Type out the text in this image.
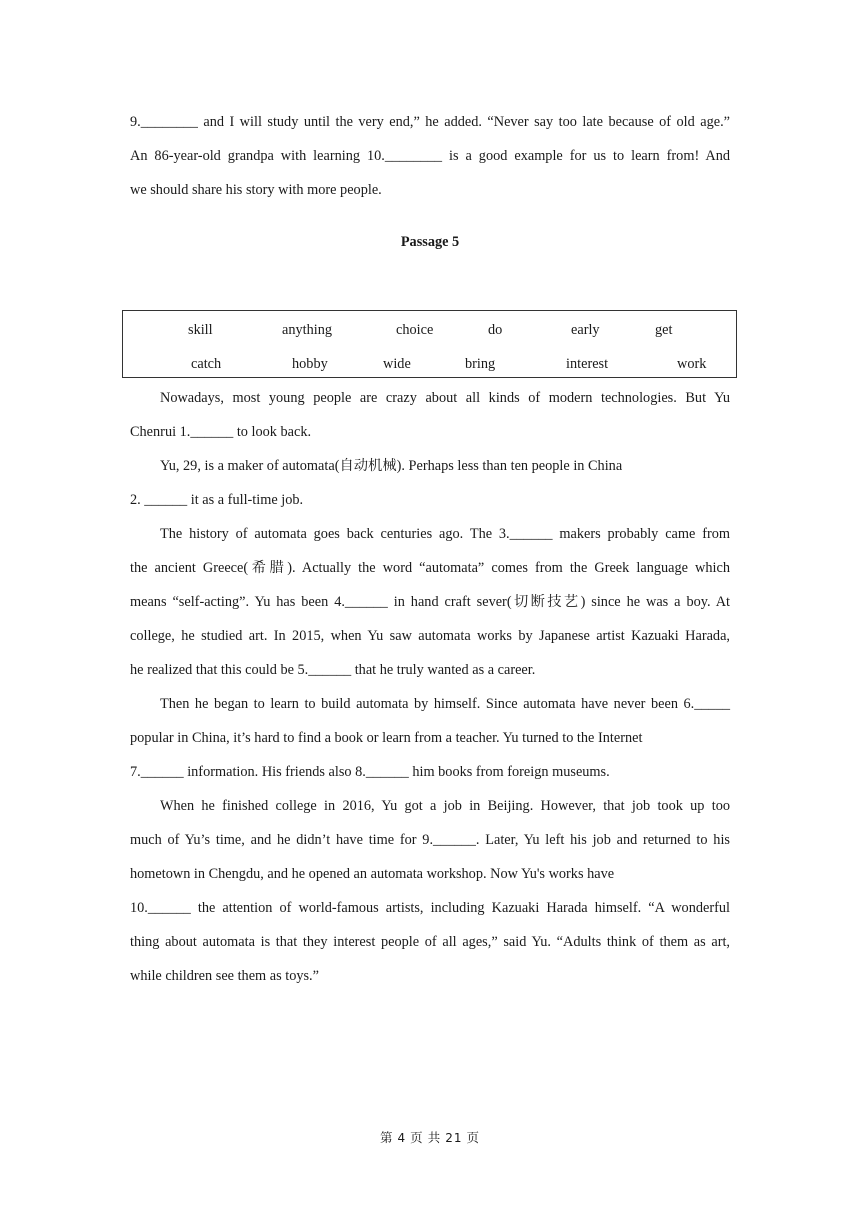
9.________ and I will study until the very end,” he added. “Never say too late because of old age.”
An 86-year-old grandpa with learning 10.________ is a good example for us to learn from! And
we should share his story with more people.
Passage 5
skill	anything	choice	do	early	get
catch	hobby	wide	bring	interest	work
Nowadays, most young people are crazy about all kinds of modern technologies. But Yu
Chenrui 1.______ to look back.
Yu, 29, is a maker of automata(自动机械). Perhaps less than ten people in China
2. ______ it as a full-time job.
The history of automata goes back centuries ago. The 3.______ makers probably came from
the ancient Greece(希腊). Actually the word “automata” comes from the Greek language which
means “self-acting”. Yu has been 4.______ in hand craft sever(切断技艺) since he was a boy. At
college, he studied art. In 2015, when Yu saw automata works by Japanese artist Kazuaki Harada,
he realized that this could be 5.______ that he truly wanted as a career.
Then he began to learn to build automata by himself. Since automata have never been 6._____
popular in China, it’s hard to find a book or learn from a teacher. Yu turned to the Internet
7.______ information. His friends also 8.______ him books from foreign museums.
When he finished college in 2016, Yu got a job in Beijing. However, that job took up too
much of Yu’s time, and he didn’t have time for 9.______. Later, Yu left his job and returned to his
hometown in Chengdu, and he opened an automata workshop. Now Yu's works have
10.______ the attention of world-famous artists, including Kazuaki Harada himself. “A wonderful
thing about automata is that they interest people of all ages,” said Yu. “Adults think of them as art,
while children see them as toys.”
第 4 页 共 21 页
